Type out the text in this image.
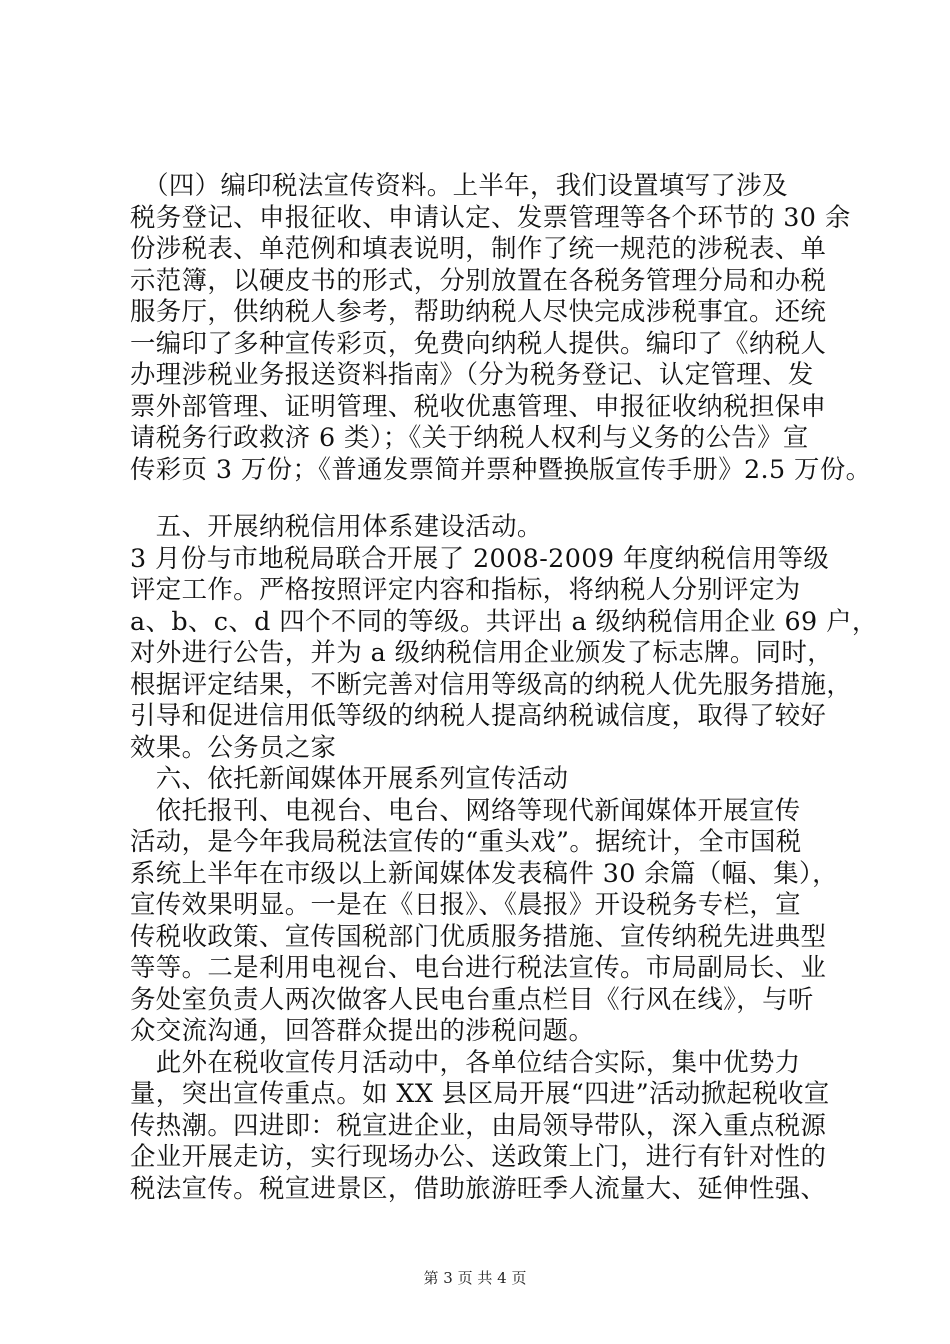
　（四）编印税法宣传资料。上半年，我们设置填写了涉及
税务登记、申报征收、申请认定、发票管理等各个环节的 30 余
份涉税表、单范例和填表说明，制作了统一规范的涉税表、单
示范簿，以硬皮书的形式，分别放置在各税务管理分局和办税
服务厅，供纳税人参考，帮助纳税人尽快完成涉税事宜。还统
一编印了多种宣传彩页，免费向纳税人提供。编印了《纳税人
办理涉税业务报送资料指南》（分为税务登记、认定管理、发
票外部管理、证明管理、税收优惠管理、申报征收纳税担保申
请税务行政救济 6 类）；《关于纳税人权利与义务的公告》宣
传彩页 3 万份；《普通发票简并票种暨换版宣传手册》2.5 万份。
　五、开展纳税信用体系建设活动。
3 月份与市地税局联合开展了 2008-2009 年度纳税信用等级
评定工作。严格按照评定内容和指标，将纳税人分别评定为
a、b、c、d 四个不同的等级。共评出 a 级纳税信用企业 69 户，
对外进行公告，并为 a 级纳税信用企业颁发了标志牌。同时，
根据评定结果，不断完善对信用等级高的纳税人优先服务措施，
引导和促进信用低等级的纳税人提高纳税诚信度，取得了较好
效果。公务员之家
　六、依托新闻媒体开展系列宣传活动
　依托报刊、电视台、电台、网络等现代新闻媒体开展宣传
活动，是今年我局税法宣传的“重头戏”。据统计，全市国税
系统上半年在市级以上新闻媒体发表稿件 30 余篇（幅、集），
宣传效果明显。一是在《日报》、《晨报》开设税务专栏，宣
传税收政策、宣传国税部门优质服务措施、宣传纳税先进典型
等等。二是利用电视台、电台进行税法宣传。市局副局长、业
务处室负责人两次做客人民电台重点栏目《行风在线》，与听
众交流沟通，回答群众提出的涉税问题。
　此外在税收宣传月活动中，各单位结合实际，集中优势力
量，突出宣传重点。如 XX 县区局开展“四进”活动掀起税收宣
传热潮。四进即：税宣进企业，由局领导带队，深入重点税源
企业开展走访，实行现场办公、送政策上门，进行有针对性的
税法宣传。税宣进景区，借助旅游旺季人流量大、延伸性强、
第 3 页 共 4 页
